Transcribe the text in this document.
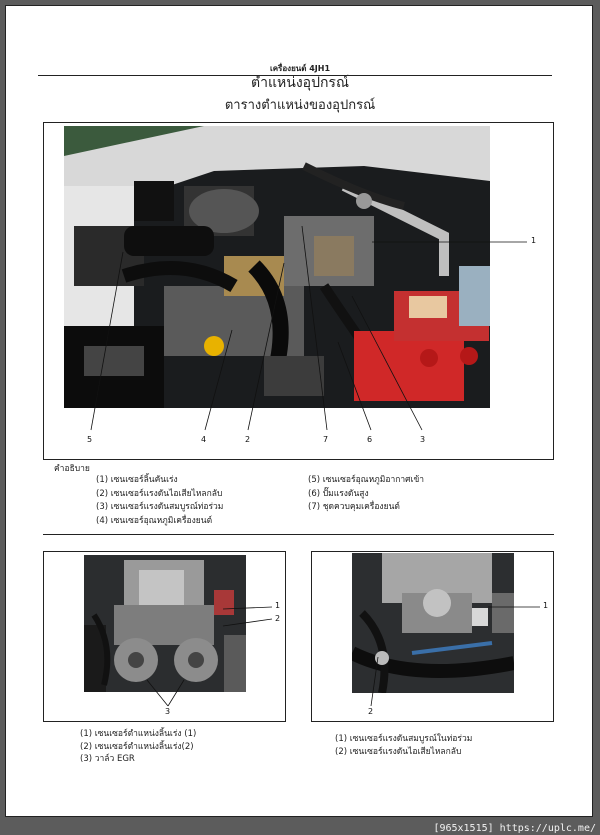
เครื่องยนต์ 4JH1
ตำแหน่งอุปกรณ์
ตารางตำแหน่งของอุปกรณ์
1
5	4	2	7	6	3
คำอธิบาย
(1) เซนเซอร์ลิ้นคันเร่ง
(2) เซนเซอร์แรงดันไอเสียไหลกลับ
(3) เซนเซอร์แรงดันสมบูรณ์ท่อร่วม
(4) เซนเซอร์อุณหภูมิเครื่องยนต์
(5) เซนเซอร์อุณหภูมิอากาศเข้า
(6) ปั๊มแรงดันสูง
(7) ชุดควบคุมเครื่องยนต์
1
2
3
(1) เซนเซอร์ตำแหน่งลิ้นเร่ง (1)
(2) เซนเซอร์ตำแหน่งลิ้นเร่ง(2)
(3) วาล์ว EGR
1
2
(1) เซนเซอร์แรงดันสมบูรณ์ในท่อร่วม
(2) เซนเซอร์แรงดันไอเสียไหลกลับ
[965x1515] https://uplc.me/
